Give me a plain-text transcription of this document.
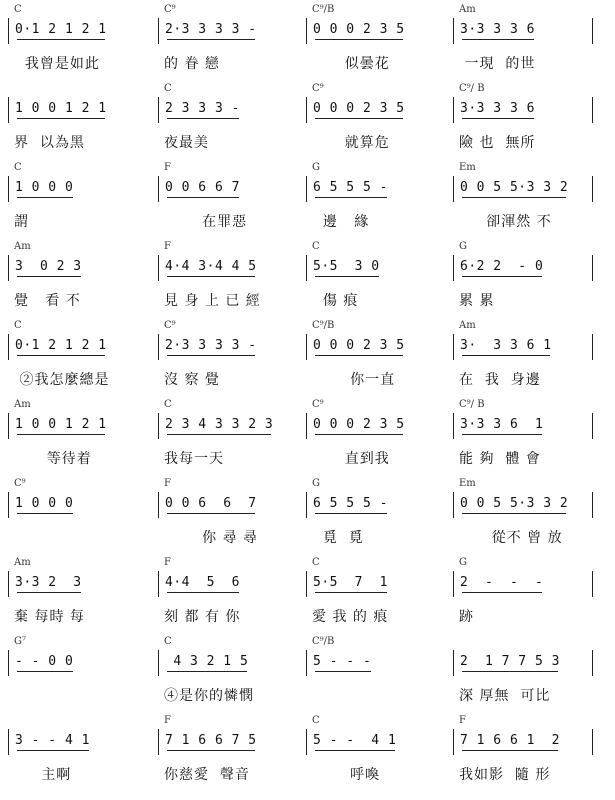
C
0·1 2 1 2 1
我曾是如此
C⁹
2·3 3 3 3 -
的 眷 戀
C⁹/B
0 0 0 2 3 5
似曇花
Am
3·3 3 3 6
一現  的世
1 0 0 1 2 1
界  以為黑
C
2 3 3 3 -
夜最美
C⁹
0 0 0 2 3 5
就算危
C⁹/ B
3·3 3 3 6
險 也  無所
C
1 0 0 0
謂
F
0 0 6 6 7
在罪惡
G
6 5 5 5 -
邊   緣
Em
0 0 5 5·3 3 2
卻渾然 不
Am
3  0 2 3
覺   看 不
F
4·4 3·4 4 5
見 身 上 已 經
C
5·5  3 0
傷 痕
G
6·2 2  - 0
累 累
C
0·1 2 1 2 1
②我怎麼總是
C⁹
2·3 3 3 3 -
沒 察 覺
C⁹/B
0 0 0 2 3 5
你一直
Am
3·  3 3 6 1
在  我  身邊
Am
1 0 0 1 2 1
等待着
C
2 3 4 3 3 2 3
我每一天
C⁹
0 0 0 2 3 5
直到我
C⁹/ B
3·3 3 6  1
能 夠  體 會
C⁹
1 0 0 0
F
0 0 6  6  7
你 尋 尋
G
6 5 5 5 -
覓  覓
Em
0 0 5 5·3 3 2
從不 曾 放
Am
3·3 2  3
棄 每時 每
F
4·4  5  6
刻 都 有 你
C
5·5  7  1
愛 我 的 痕
G
2  -  -  -
跡
G⁷
- - 0 0
C
4 3 2 1 5
④是你的憐憫
C⁹/B
5 - - -	2  1 7 7 5 3
深 厚無  可比
3 - - 4 1
主啊
F
7 1 6 6 7 5
你慈愛  聲音
C
5 - -  4 1
呼喚
F
7 1 6 6 1  2
我如影  隨 形
